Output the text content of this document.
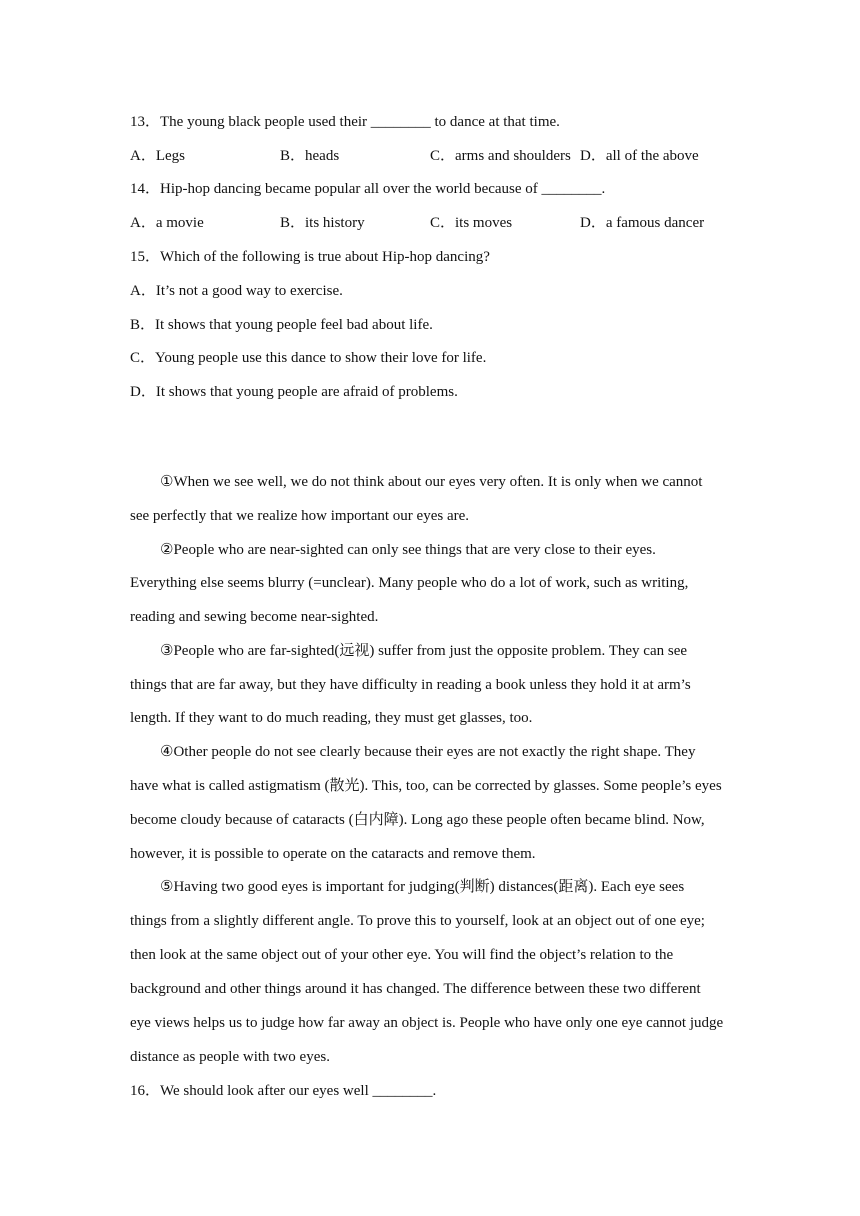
13．The young black people used their ________ to dance at that time.
A．Legs	B．heads	C．arms and shoulders D．all of the above
14．Hip-hop dancing became popular all over the world because of ________.
A．a movie	B．its history	C．its moves	D．a famous dancer
15．Which of the following is true about Hip-hop dancing?
A．It’s not a good way to exercise.
B．It shows that young people feel bad about life.
C．Young people use this dance to show their love for life.
D．It shows that young people are afraid of problems.
①When we see well, we do not think about our eyes very often. It is only when we cannot
see perfectly that we realize how important our eyes are.
②People who are near-sighted can only see things that are very close to their eyes.
Everything else seems blurry (=unclear). Many people who do a lot of work, such as writing,
reading and sewing become near-sighted.
③People who are far-sighted(远视) suffer from just the opposite problem. They can see
things that are far away, but they have difficulty in reading a book unless they hold it at arm’s
length. If they want to do much reading, they must get glasses, too.
④Other people do not see clearly because their eyes are not exactly the right shape. They
have what is called astigmatism (散光). This, too, can be corrected by glasses. Some people’s eyes
become cloudy because of cataracts (白内障). Long ago these people often became blind. Now,
however, it is possible to operate on the cataracts and remove them.
⑤Having two good eyes is important for judging(判断) distances(距离). Each eye sees
things from a slightly different angle. To prove this to yourself, look at an object out of one eye;
then look at the same object out of your other eye. You will find the object’s relation to the
background and other things around it has changed. The difference between these two different
eye views helps us to judge how far away an object is. People who have only one eye cannot judge
distance as people with two eyes.
16．We should look after our eyes well ________.
